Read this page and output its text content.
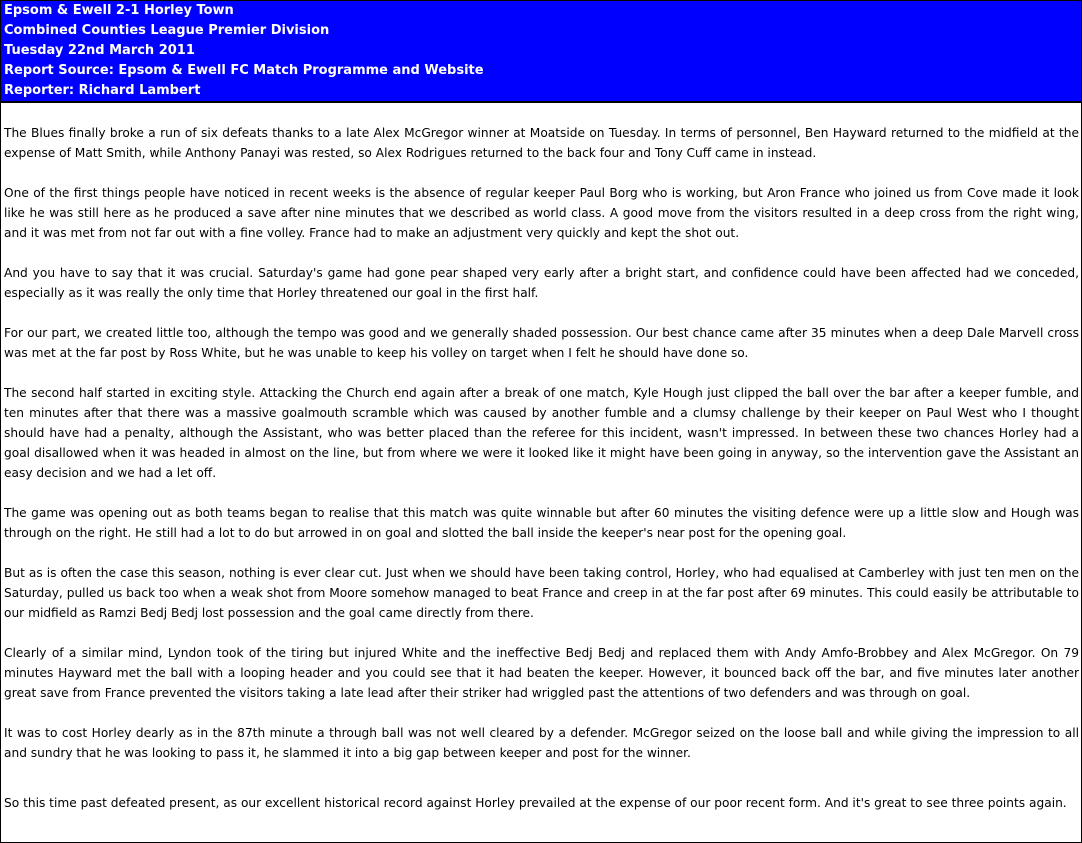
Epsom & Ewell 2-1 Horley Town
Combined Counties League Premier Division
Tuesday 22nd March 2011
Report Source: Epsom & Ewell FC Match Programme and Website
Reporter: Richard Lambert

The Blues finally broke a run of six defeats thanks to a late Alex McGregor winner at Moatside on Tuesday. In terms of personnel, Ben Hayward returned to the midfield at the expense of Matt Smith, while Anthony Panayi was rested, so Alex Rodrigues returned to the back four and Tony Cuff came in instead.

One of the first things people have noticed in recent weeks is the absence of regular keeper Paul Borg who is working, but Aron France who joined us from Cove made it look like he was still here as he produced a save after nine minutes that we described as world class. A good move from the visitors resulted in a deep cross from the right wing, and it was met from not far out with a fine volley. France had to make an adjustment very quickly and kept the shot out.

And you have to say that it was crucial. Saturday's game had gone pear shaped very early after a bright start, and confidence could have been affected had we conceded, especially as it was really the only time that Horley threatened our goal in the first half.

For our part, we created little too, although the tempo was good and we generally shaded possession. Our best chance came after 35 minutes when a deep Dale Marvell cross was met at the far post by Ross White, but he was unable to keep his volley on target when I felt he should have done so.

The second half started in exciting style. Attacking the Church end again after a break of one match, Kyle Hough just clipped the ball over the bar after a keeper fumble, and ten minutes after that there was a massive goalmouth scramble which was caused by another fumble and a clumsy challenge by their keeper on Paul West who I thought should have had a penalty, although the Assistant, who was better placed than the referee for this incident, wasn't impressed. In between these two chances Horley had a goal disallowed when it was headed in almost on the line, but from where we were it looked like it might have been going in anyway, so the intervention gave the Assistant an easy decision and we had a let off.

The game was opening out as both teams began to realise that this match was quite winnable but after 60 minutes the visiting defence were up a little slow and Hough was through on the right. He still had a lot to do but arrowed in on goal and slotted the ball inside the keeper's near post for the opening goal.

But as is often the case this season, nothing is ever clear cut. Just when we should have been taking control, Horley, who had equalised at Camberley with just ten men on the Saturday, pulled us back too when a weak shot from Moore somehow managed to beat France and creep in at the far post after 69 minutes. This could easily be attributable to our midfield as Ramzi Bedj Bedj lost possession and the goal came directly from there.

Clearly of a similar mind, Lyndon took of the tiring but injured White and the ineffective Bedj Bedj and replaced them with Andy Amfo-Brobbey and Alex McGregor. On 79 minutes Hayward met the ball with a looping header and you could see that it had beaten the keeper. However, it bounced back off the bar, and five minutes later another great save from France prevented the visitors taking a late lead after their striker had wriggled past the attentions of two defenders and was through on goal.

It was to cost Horley dearly as in the 87th minute a through ball was not well cleared by a defender. McGregor seized on the loose ball and while giving the impression to all and sundry that he was looking to pass it, he slammed it into a big gap between keeper and post for the winner.

So this time past defeated present, as our excellent historical record against Horley prevailed at the expense of our poor recent form. And it's great to see three points again.
